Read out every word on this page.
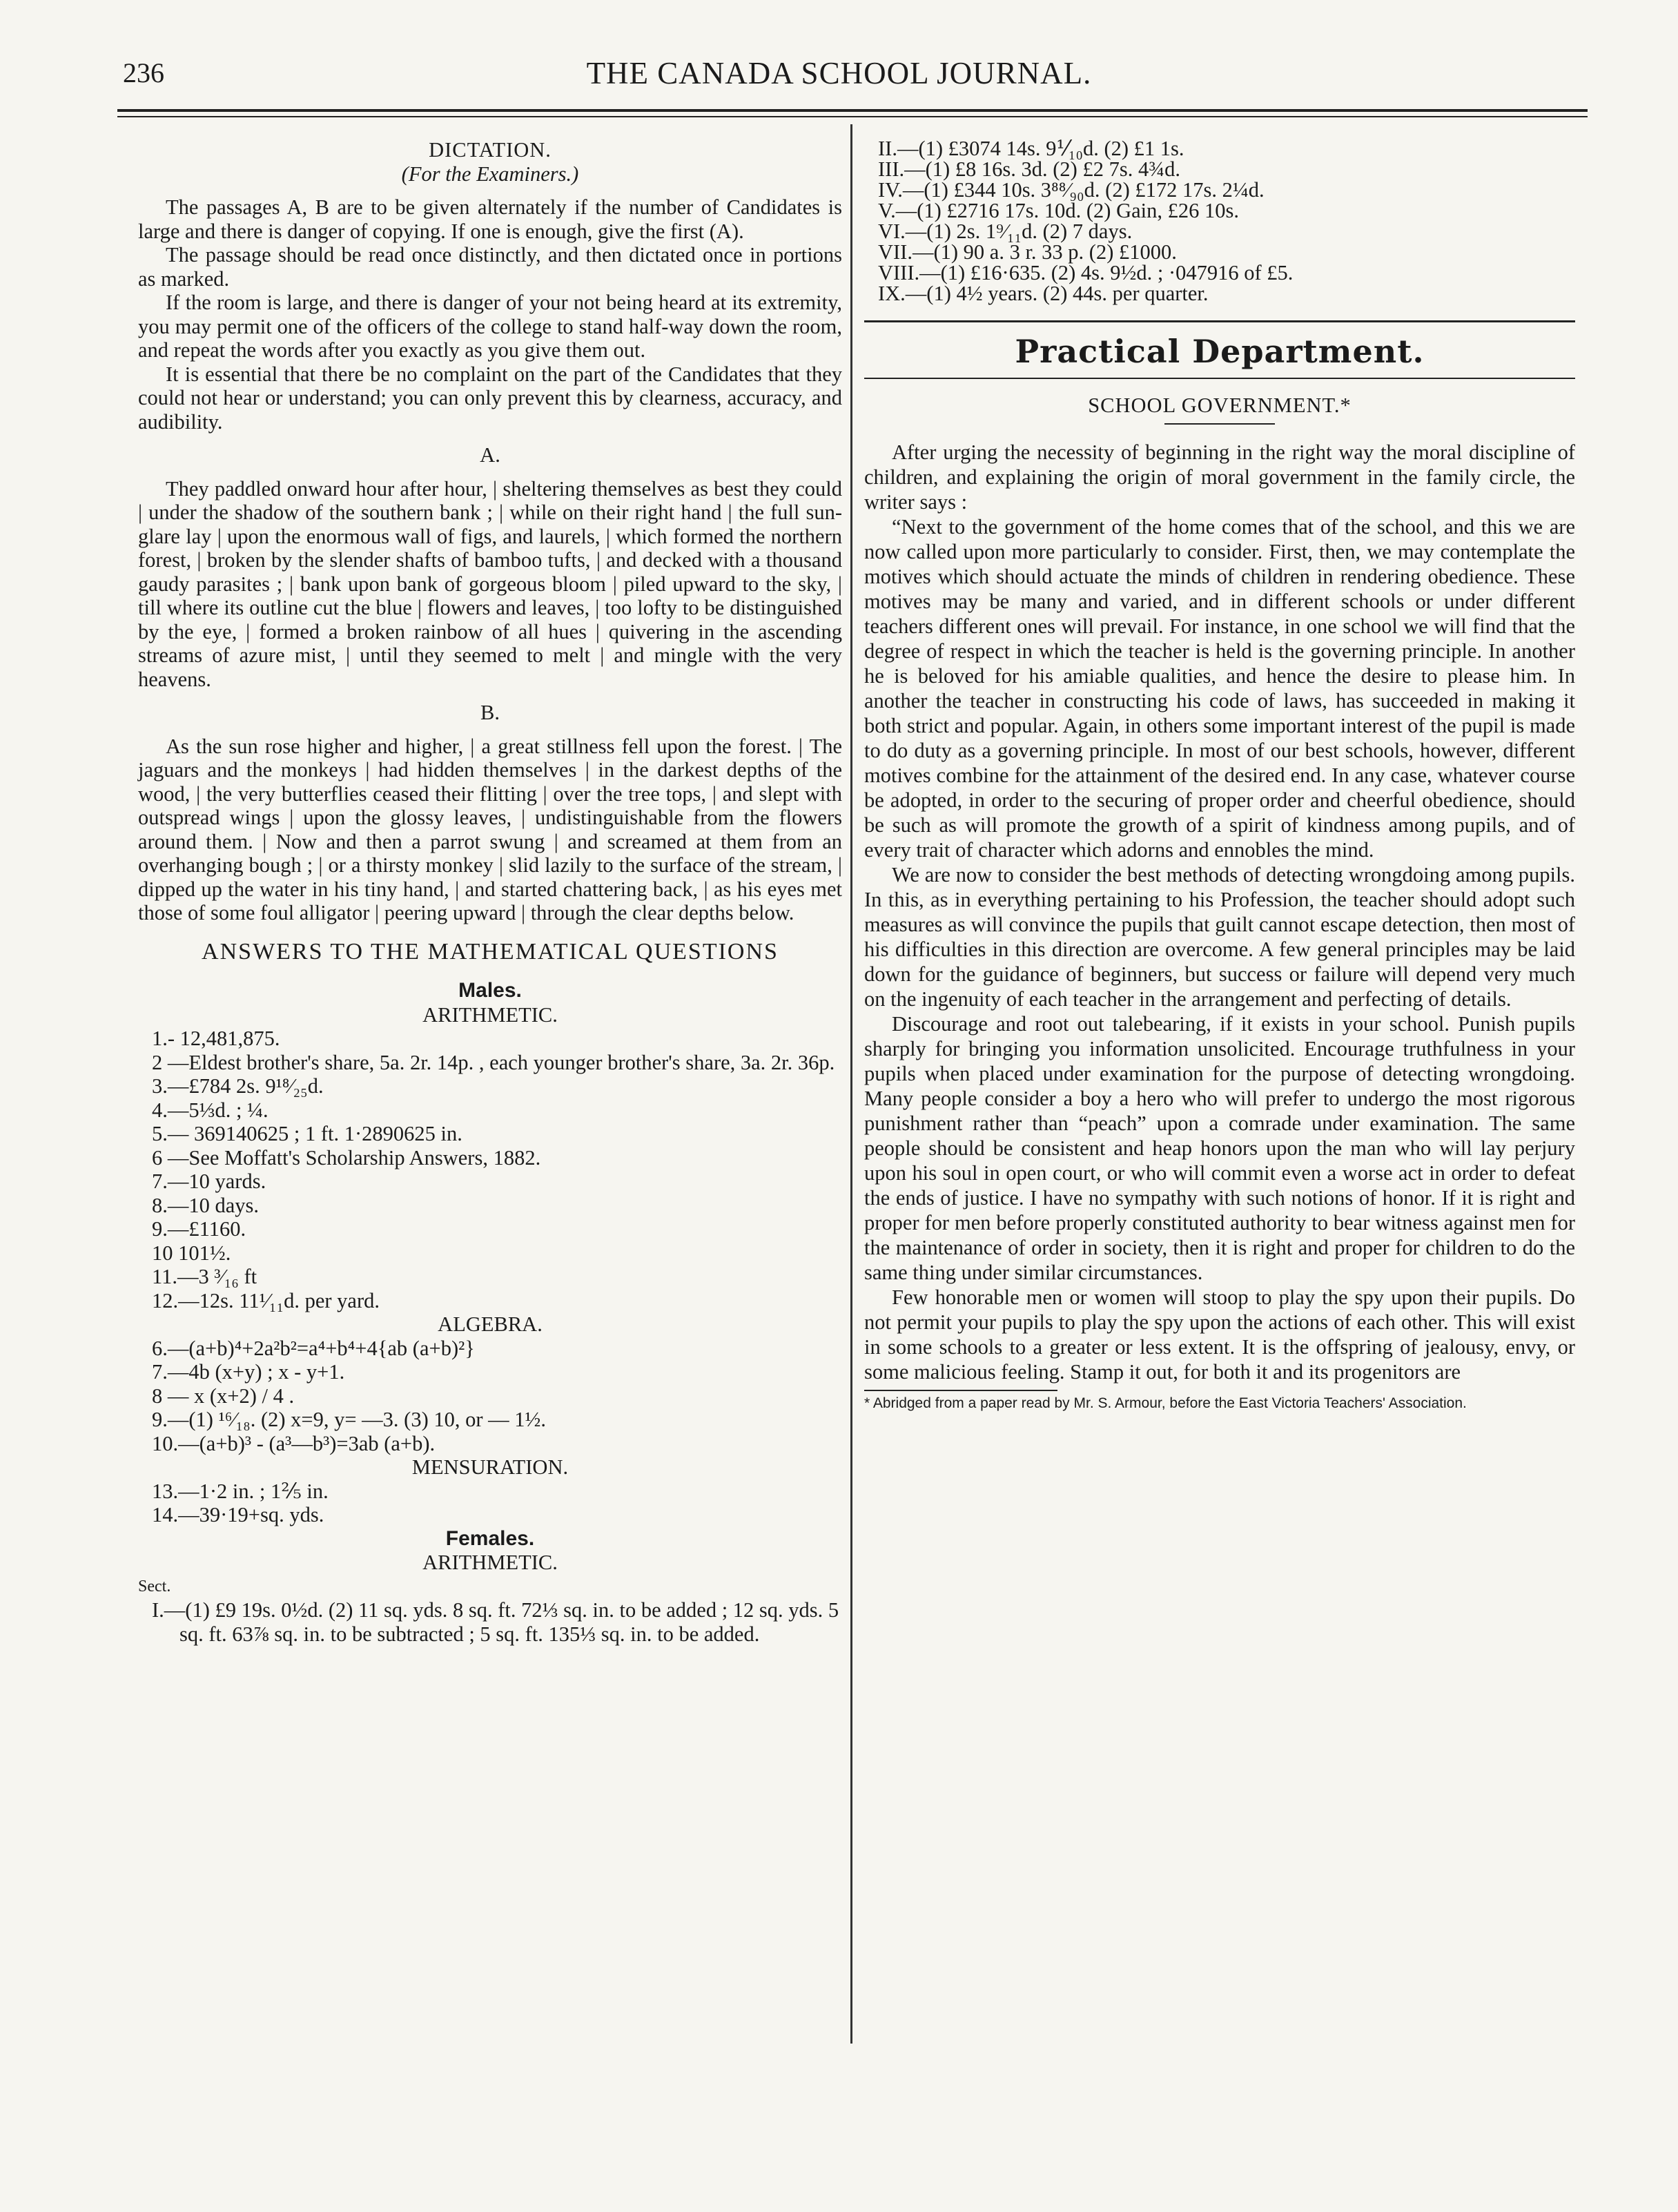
236	THE CANADA SCHOOL JOURNAL.
DICTATION.
(For the Examiners.)

The passages A, B are to be given alternately if the number of Candidates is large and there is danger of copying. If one is enough, give the first (A).

The passage should be read once distinctly, and then dictated once in portions as marked.

If the room is large, and there is danger of your not being heard at its extremity, you may permit one of the officers of the college to stand half-way down the room, and repeat the words after you exactly as you give them out.

It is essential that there be no complaint on the part of the Candidates that they could not hear or understand; you can only prevent this by clearness, accuracy, and audibility.

A.

They paddled onward hour after hour, | sheltering themselves as best they could | under the shadow of the southern bank ; | while on their right hand | the full sun-glare lay | upon the enormous wall of figs, and laurels, | which formed the northern forest, | broken by the slender shafts of bamboo tufts, | and decked with a thousand gaudy parasites ; | bank upon bank of gorgeous bloom | piled upward to the sky, | till where its outline cut the blue | flowers and leaves, | too lofty to be distinguished by the eye, | formed a broken rainbow of all hues | quivering in the ascending streams of azure mist, | until they seemed to melt | and mingle with the very heavens.

B.

As the sun rose higher and higher, | a great stillness fell upon the forest. | The jaguars and the monkeys | had hidden themselves | in the darkest depths of the wood, | the very butterflies ceased their flitting | over the tree tops, | and slept with outspread wings | upon the glossy leaves, | undistinguishable from the flowers around them. | Now and then a parrot swung | and screamed at them from an overhanging bough ; | or a thirsty monkey | slid lazily to the surface of the stream, | dipped up the water in his tiny hand, | and started chattering back, | as his eyes met those of some foul alligator | peering upward | through the clear depths below.

ANSWERS TO THE MATHEMATICAL QUESTIONS
Males.
ARITHMETIC.

1.- 12,481,875.

2 —Eldest brother's share, 5a. 2r. 14p. , each younger brother's share, 3a. 2r. 36p.

3.—£784 2s. 9¹⁸⁄₂₅d.

4.—5⅓d. ; ¼.

5.— 369140625 ; 1 ft. 1·2890625 in.

6 —See Moffatt's Scholarship Answers, 1882.

7.—10 yards.

8.—10 days.

9.—£1160.

10 101½.

11.—3 ³⁄₁₆ ft

12.—12s. 11¹⁄₁₁d. per yard.

ALGEBRA.

6.—(a+b)⁴+2a²b²=a⁴+b⁴+4{ab (a+b)²}

7.—4b (x+y) ; x - y+1.

8 — x (x+2) / 4 .

9.—(1) ¹⁶⁄₁₈. (2) x=9, y= —3. (3) 10, or — 1½.

10.—(a+b)³ - (a³—b³)=3ab (a+b).

MENSURATION.

13.—1·2 in. ; 1⅖ in.

14.—39·19+sq. yds.

Females.
ARITHMETIC.
Sect.

I.—(1) £9 19s. 0½d. (2) 11 sq. yds. 8 sq. ft. 72⅓ sq. in. to be added ; 12 sq. yds. 5 sq. ft. 63⅞ sq. in. to be subtracted ; 5 sq. ft. 135⅓ sq. in. to be added.

II.—(1) £3074 14s. 9⅟₁₀d. (2) £1 1s.

III.—(1) £8 16s. 3d. (2) £2 7s. 4¾d.

IV.—(1) £344 10s. 3⁸⁸⁄₉₀d. (2) £172 17s. 2¼d.

V.—(1) £2716 17s. 10d. (2) Gain, £26 10s.

VI.—(1) 2s. 1⁹⁄₁₁d. (2) 7 days.

VII.—(1) 90 a. 3 r. 33 p. (2) £1000.

VIII.—(1) £16·635. (2) 4s. 9½d. ; ·047916 of £5.

IX.—(1) 4½ years. (2) 44s. per quarter.

Practical Department.
SCHOOL GOVERNMENT.*

After urging the necessity of beginning in the right way the moral discipline of children, and explaining the origin of moral government in the family circle, the writer says :

“Next to the government of the home comes that of the school, and this we are now called upon more particularly to consider. First, then, we may contemplate the motives which should actuate the minds of children in rendering obedience. These motives may be many and varied, and in different schools or under different teachers different ones will prevail. For instance, in one school we will find that the degree of respect in which the teacher is held is the governing principle. In another he is beloved for his amiable qualities, and hence the desire to please him. In another the teacher in constructing his code of laws, has succeeded in making it both strict and popular. Again, in others some important interest of the pupil is made to do duty as a governing principle. In most of our best schools, however, different motives combine for the attainment of the desired end. In any case, whatever course be adopted, in order to the securing of proper order and cheerful obedience, should be such as will promote the growth of a spirit of kindness among pupils, and of every trait of character which adorns and ennobles the mind.

We are now to consider the best methods of detecting wrongdoing among pupils. In this, as in everything pertaining to his Profession, the teacher should adopt such measures as will convince the pupils that guilt cannot escape detection, then most of his difficulties in this direction are overcome. A few general principles may be laid down for the guidance of beginners, but success or failure will depend very much on the ingenuity of each teacher in the arrangement and perfecting of details.

Discourage and root out talebearing, if it exists in your school. Punish pupils sharply for bringing you information unsolicited. Encourage truthfulness in your pupils when placed under examination for the purpose of detecting wrongdoing. Many people consider a boy a hero who will prefer to undergo the most rigorous punishment rather than “peach” upon a comrade under examination. The same people should be consistent and heap honors upon the man who will lay perjury upon his soul in open court, or who will commit even a worse act in order to defeat the ends of justice. I have no sympathy with such notions of honor. If it is right and proper for men before properly constituted authority to bear witness against men for the maintenance of order in society, then it is right and proper for children to do the same thing under similar circumstances.

Few honorable men or women will stoop to play the spy upon their pupils. Do not permit your pupils to play the spy upon the actions of each other. This will exist in some schools to a greater or less extent. It is the offspring of jealousy, envy, or some malicious feeling. Stamp it out, for both it and its progenitors are

* Abridged from a paper read by Mr. S. Armour, before the East Victoria Teachers' Association.
